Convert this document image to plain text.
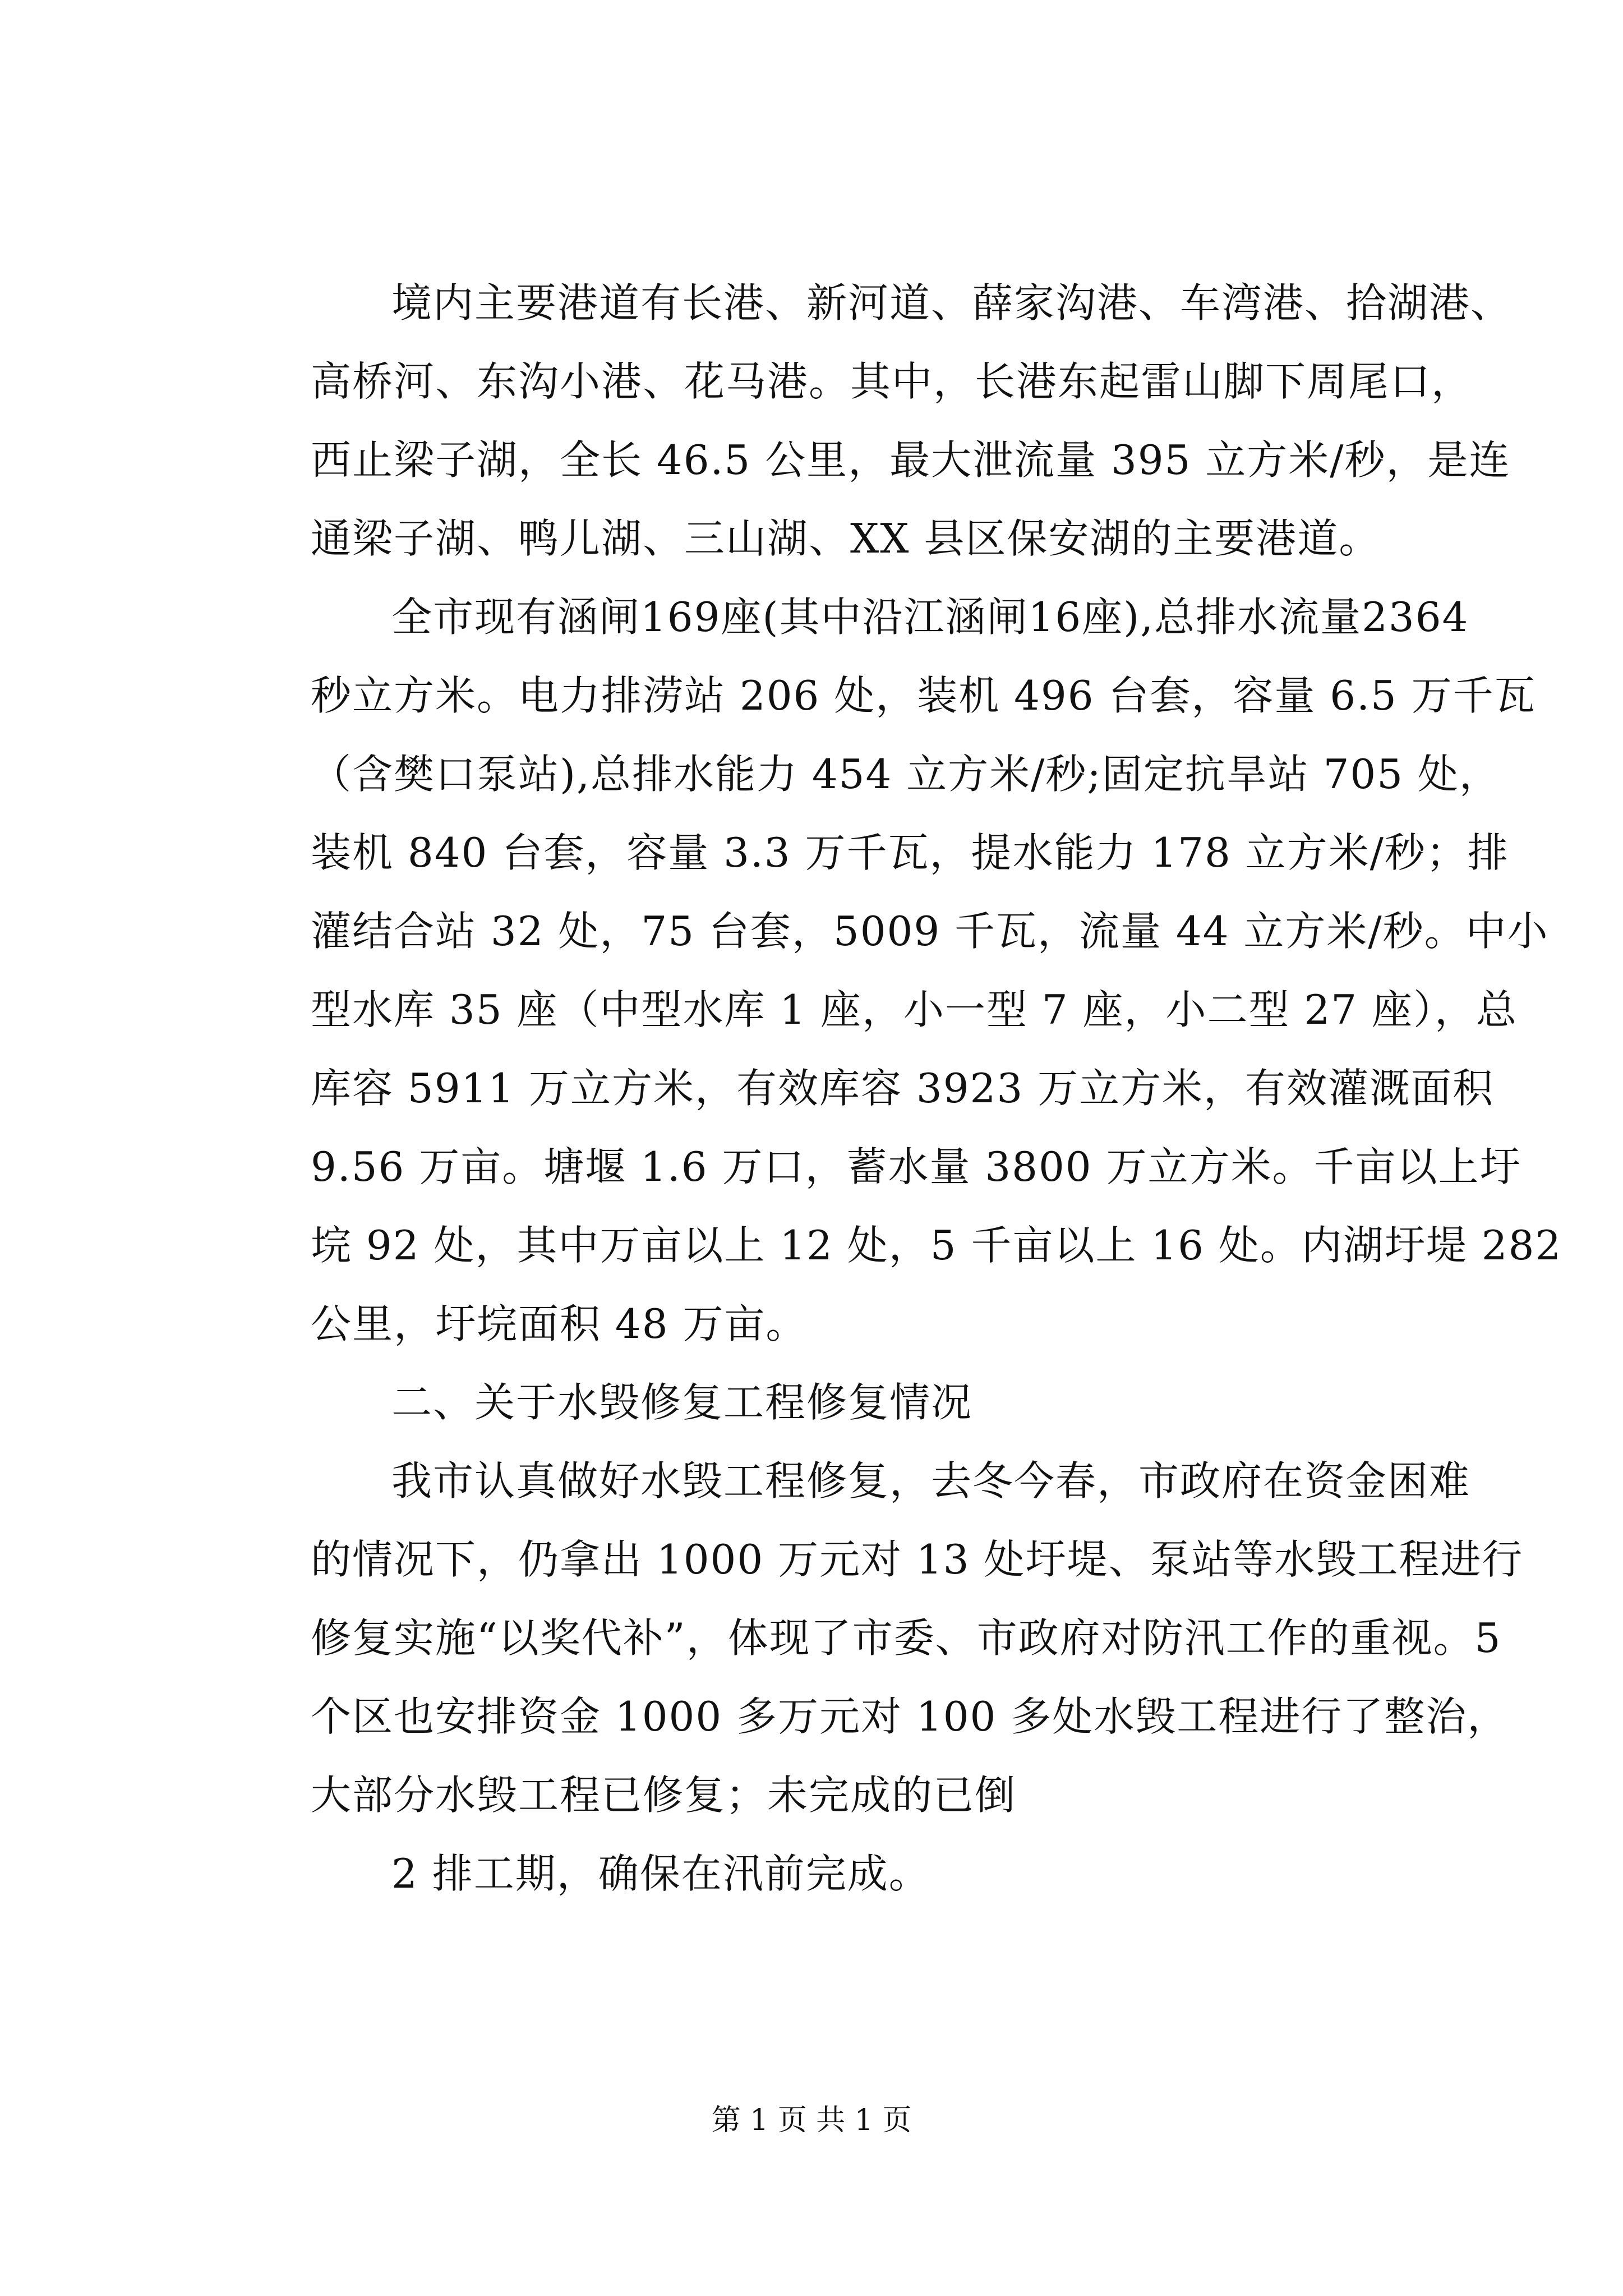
境内主要港道有长港、新河道、薛家沟港、车湾港、拾湖港、
高桥河、东沟小港、花马港。其中，长港东起雷山脚下周尾口，
西止梁子湖，全长 46.5 公里，最大泄流量 395 立方米/秒，是连
通梁子湖、鸭儿湖、三山湖、XX 县区保安湖的主要港道。
全市现有涵闸169座(其中沿江涵闸16座),总排水流量2364
秒立方米。电力排涝站 206 处，装机 496 台套，容量 6.5 万千瓦
（含樊口泵站),总排水能力 454 立方米/秒;固定抗旱站 705 处，
装机 840 台套，容量 3.3 万千瓦，提水能力 178 立方米/秒；排
灌结合站 32 处，75 台套，5009 千瓦，流量 44 立方米/秒。中小
型水库 35 座（中型水库 1 座，小一型 7 座，小二型 27 座），总
库容 5911 万立方米，有效库容 3923 万立方米，有效灌溉面积
9.56 万亩。塘堰 1.6 万口，蓄水量 3800 万立方米。千亩以上圩
垸 92 处，其中万亩以上 12 处，5 千亩以上 16 处。内湖圩堤 282
公里，圩垸面积 48 万亩。
二、关于水毁修复工程修复情况
我市认真做好水毁工程修复，去冬今春，市政府在资金困难
的情况下，仍拿出 1000 万元对 13 处圩堤、泵站等水毁工程进行
修复实施“以奖代补”，体现了市委、市政府对防汛工作的重视。5
个区也安排资金 1000 多万元对 100 多处水毁工程进行了整治，
大部分水毁工程已修复；未完成的已倒
2 排工期，确保在汛前完成。
第 1 页 共 1 页
